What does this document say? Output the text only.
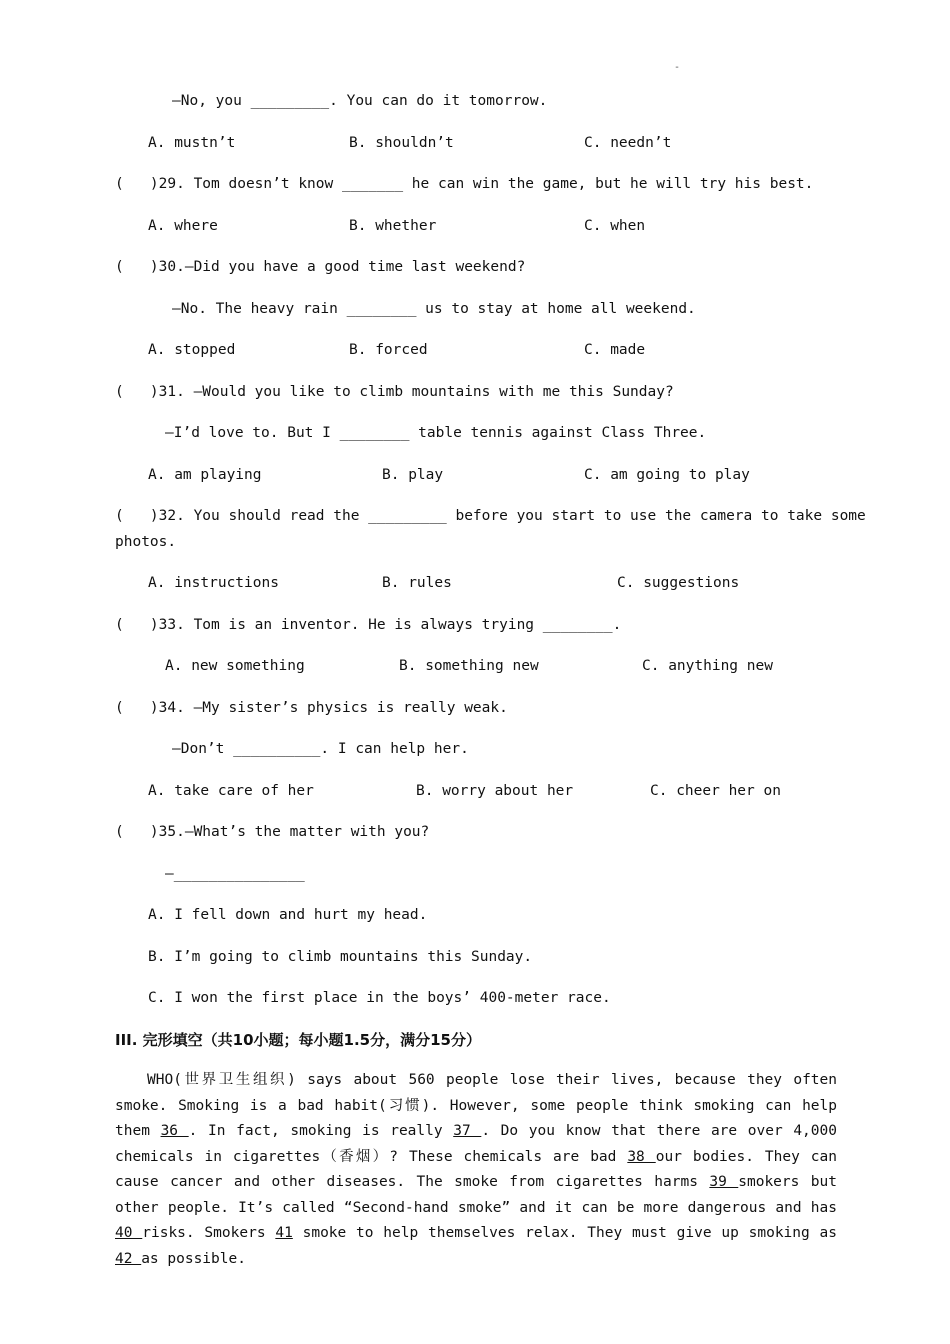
-
—No, you _________. You can do it tomorrow.
A. mustn’t	B. shouldn’t	C. needn’t
(   )29. Tom doesn’t know _______ he can win the game, but he will try his best.
A. where	B. whether	C. when
(   )30.—Did you have a good time last weekend?
—No. The heavy rain ________ us to stay at home all weekend.
A. stopped	B. forced	C. made
(   )31. —Would you like to climb mountains with me this Sunday?
—I’d love to. But I ________ table tennis against Class Three.
A. am playing	B. play	C. am going to play
(   )32. You should read the _________ before you start to use the camera to take some
photos.
A. instructions	B. rules	C. suggestions
(   )33. Tom is an inventor. He is always trying ________.
A. new something	B. something new	C. anything new
(   )34. —My sister’s physics is really weak.
—Don’t __________. I can help her.
A. take care of her	B. worry about her	C. cheer her on
(   )35.—What’s the matter with you?
—_______________
A. I fell down and hurt my head.
B. I’m going to climb mountains this Sunday.
C. I won the first place in the boys’ 400-meter race.
III. 完形填空（共10小题；每小题1.5分，满分15分）
WHO(世界卫生组织) says about 560 people lose their lives, because they often smoke. Smoking is a bad habit(习惯). However, some people think smoking can help them 36 . In fact, smoking is really 37 . Do you know that there are over 4,000 chemicals in cigarettes（香烟）? These chemicals are bad 38 our bodies. They can cause cancer and other diseases. The smoke from cigarettes harms 39 smokers but other people. It’s called “Second-hand smoke” and it can be more dangerous and has 40 risks. Smokers 41 smoke to help themselves relax. They must give up smoking as 42 as possible.
